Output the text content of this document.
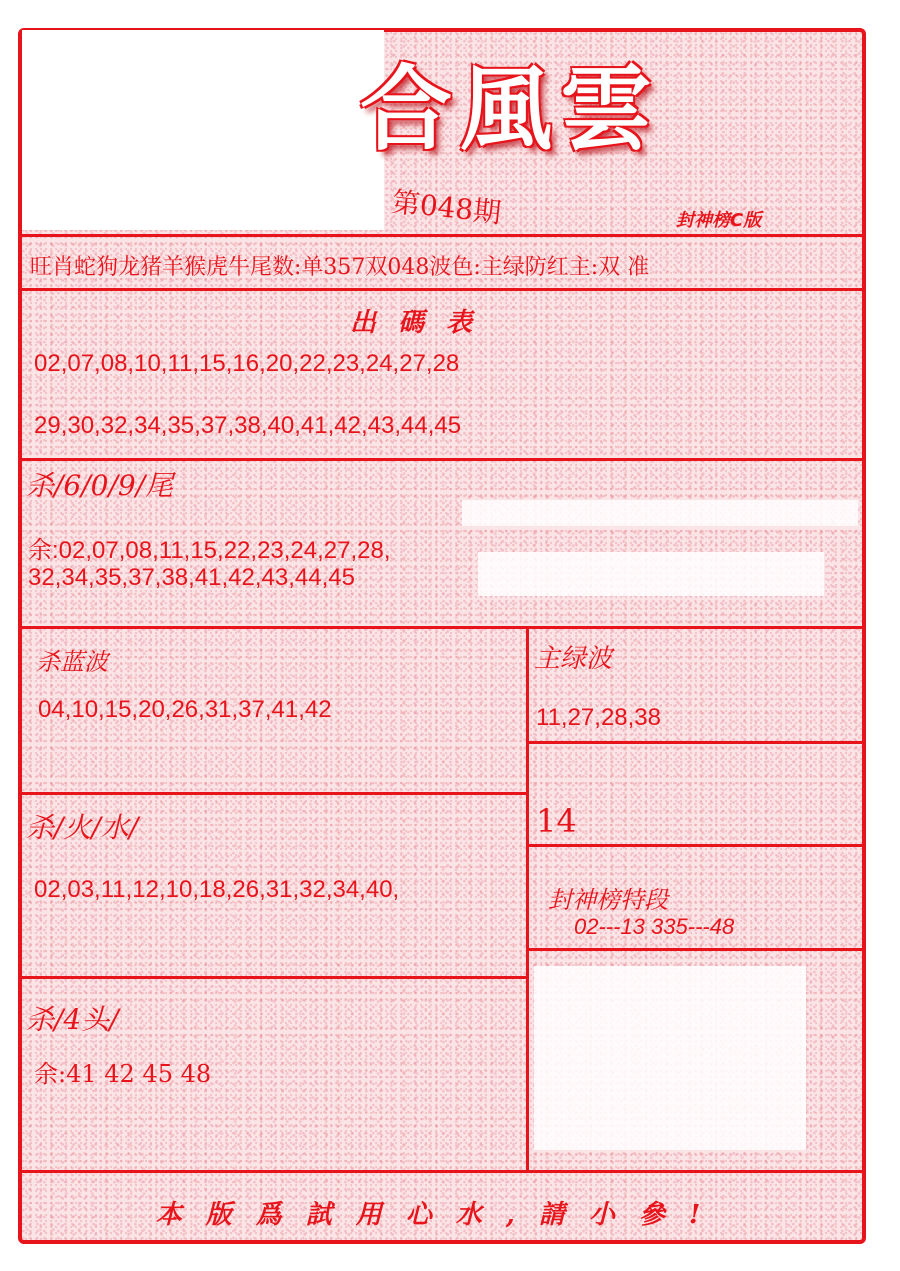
合風雲
第048期	封神榜C版
旺肖蛇狗龙猪羊猴虎牛尾数:单357双048波色:主绿防红主:双 准
出碼表
02,07,08,10,11,15,16,20,22,23,24,27,28
29,30,32,34,35,37,38,40,41,42,43,44,45
杀/6/0/9/尾
余:02,07,08,11,15,22,23,24,27,28,
32,34,35,37,38,41,42,43,44,45
杀蓝波
04,10,15,20,26,31,37,41,42
主绿波
11,27,28,38
14
杀/火/水/
02,03,11,12,10,18,26,31,32,34,40,	封神榜特段
02---13 335---48
杀/4头/
余:41 42 45 48
本版爲試用心水,請小參!
